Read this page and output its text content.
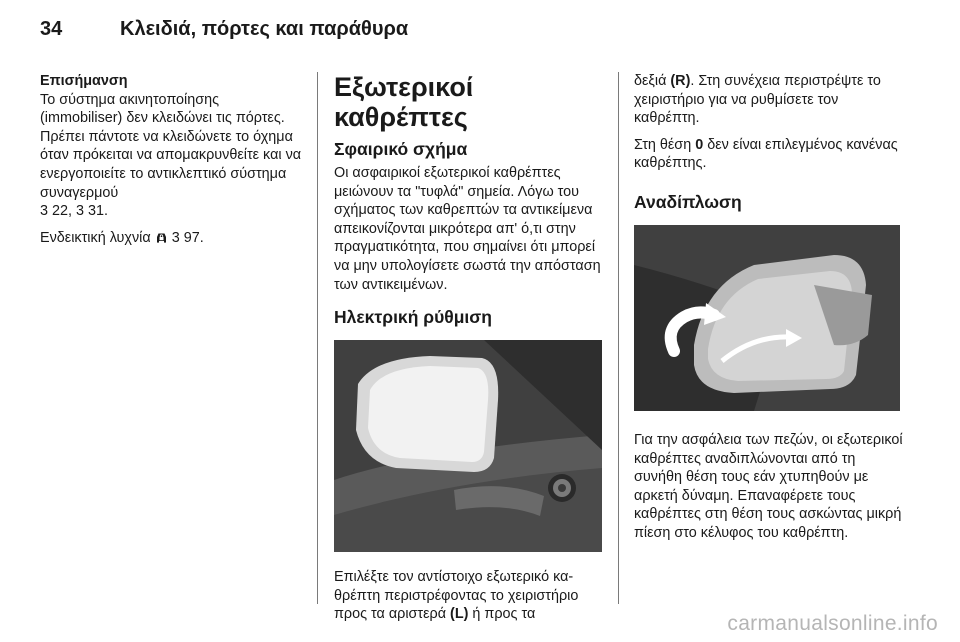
34	Κλειδιά, πόρτες και παράθυρα

Επισήμανση
Το σύστημα ακινητοποίησης (immobiliser) δεν κλειδώνει τις πόρτες. Πρέπει πάντοτε να κλειδώνετε το όχημα όταν πρόκειται να απομακρυνθείτε και να ενεργοποιείτε το αντικλεπτικό σύστημα συναγερμού
3 22, 3 31.

Ενδεικτική λυχνία 3 97.

Εξωτερικοί καθρέπτες
Σφαιρικό σχήμα

Οι ασφαιρικοί εξωτερικοί καθρέπτες μειώνουν τα "τυφλά" σημεία. Λόγω του σχήματος των καθρεπτών τα αντικείμενα απεικονίζονται μικρότερα απ' ό,τι στην πραγματικότητα, που σημαίνει ότι μπορεί να μην υπολογίσετε σωστά την απόσταση των αντικειμένων.

Ηλεκτρική ρύθμιση

Επιλέξτε τον αντίστοιχο εξωτερικό καθρέπτη περιστρέφοντας το χειριστήριο προς τα αριστερά (L) ή προς τα

δεξιά (R). Στη συνέχεια περιστρέψτε το χειριστήριο για να ρυθμίσετε τον καθρέπτη.

Στη θέση 0 δεν είναι επιλεγμένος κανένας καθρέπτης.

Αναδίπλωση

Για την ασφάλεια των πεζών, οι εξωτερικοί καθρέπτες αναδιπλώνονται από τη συνήθη θέση τους εάν χτυπηθούν με αρκετή δύναμη. Επαναφέρετε τους καθρέπτες στη θέση τους ασκώντας μικρή πίεση στο κέλυφος του καθρέπτη.

carmanualsonline.info
